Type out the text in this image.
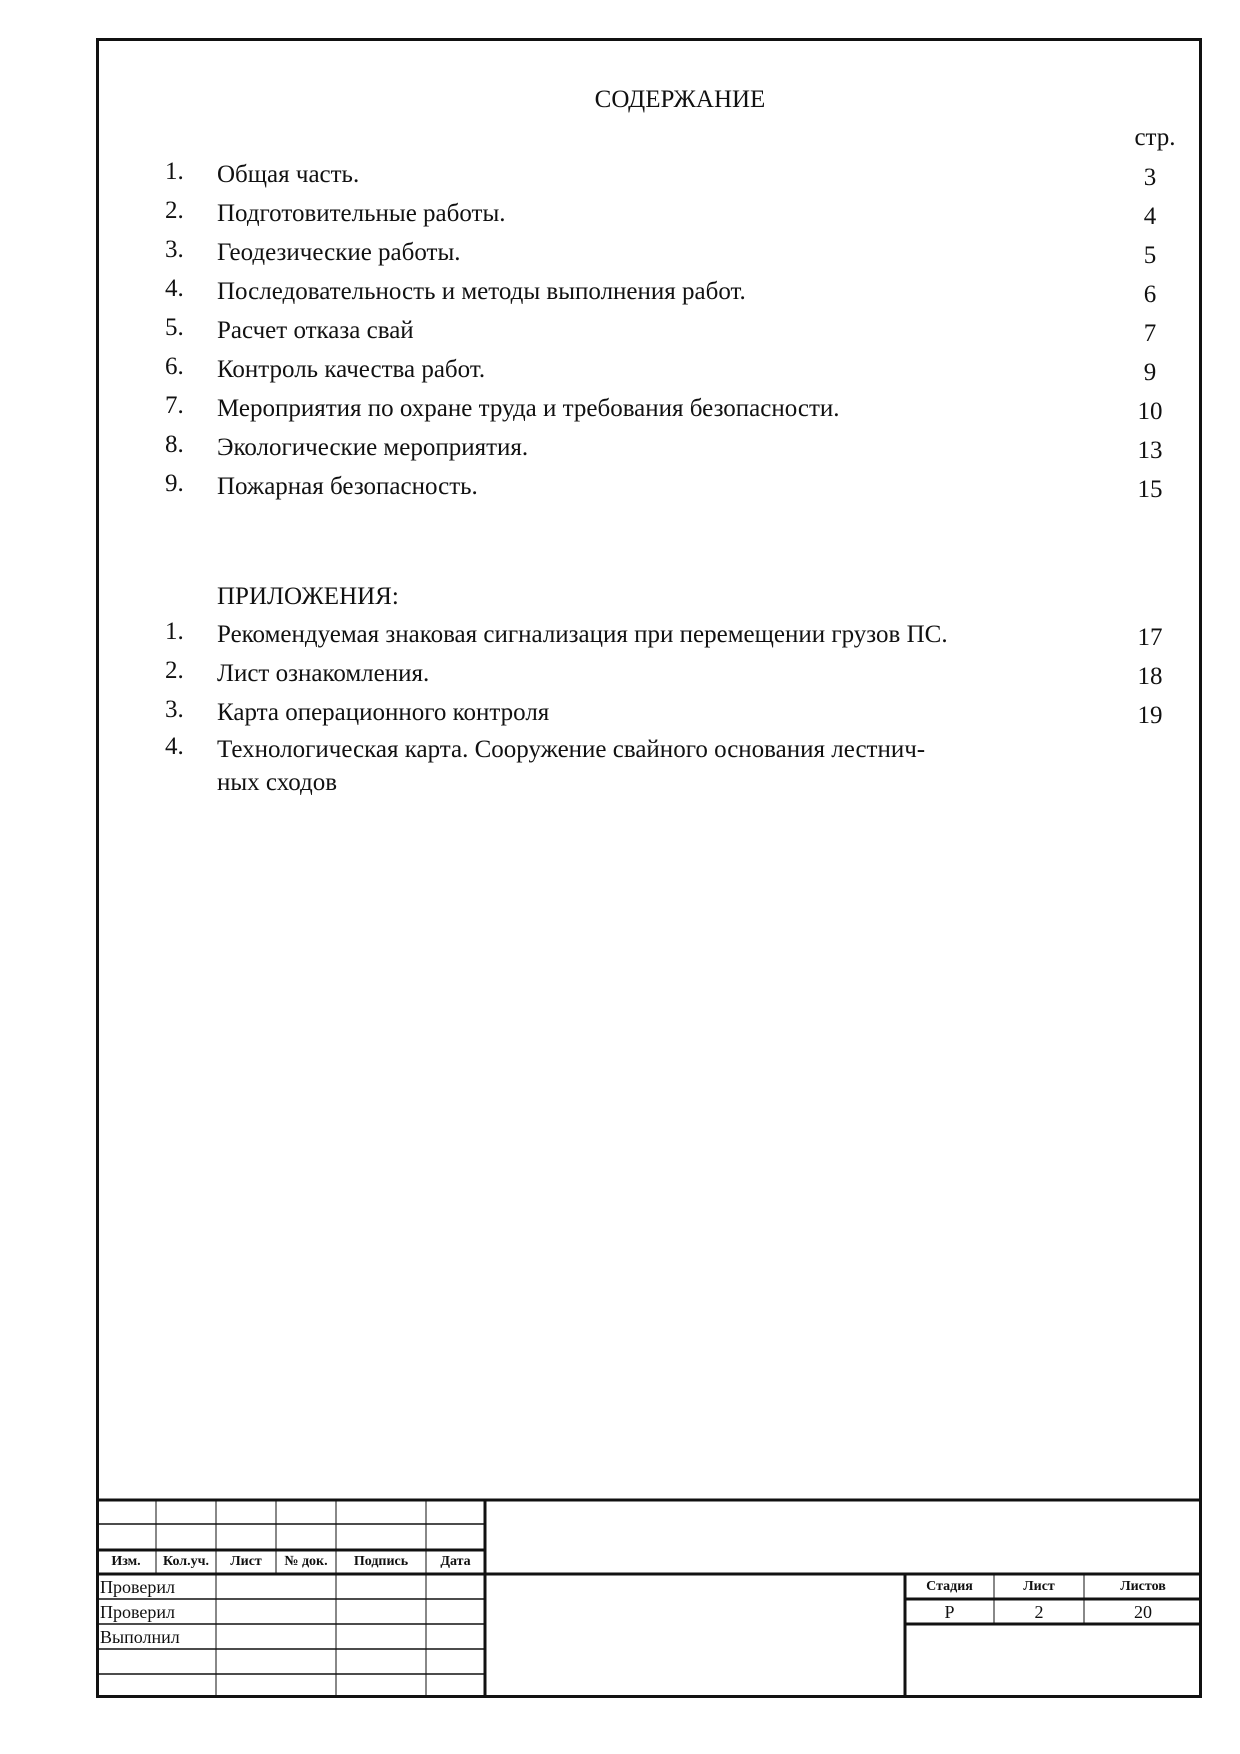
СОДЕРЖАНИЕ
стр.
1. Общая часть.	3
2. Подготовительные работы.	4
3. Геодезические работы.	5
4. Последовательность и методы выполнения работ.	6
5. Расчет отказа свай	7
6. Контроль качества работ.	9
7. Мероприятия по охране труда и требования безопасности.	10
8. Экологические мероприятия.	13
9. Пожарная безопасность.	15
ПРИЛОЖЕНИЯ:
1. Рекомендуемая знаковая сигнализация при перемещении грузов ПС.	17
2. Лист ознакомления.	18
3. Карта операционного контроля	19
4. Технологическая карта. Сооружение свайного основания лестнич-
ных сходов
Изм.	Кол.уч.	Лист	№ док.	Подпись	Дата
Проверил
Проверил
Выполнил
Стадия	Лист	Листов
Р	2	20
